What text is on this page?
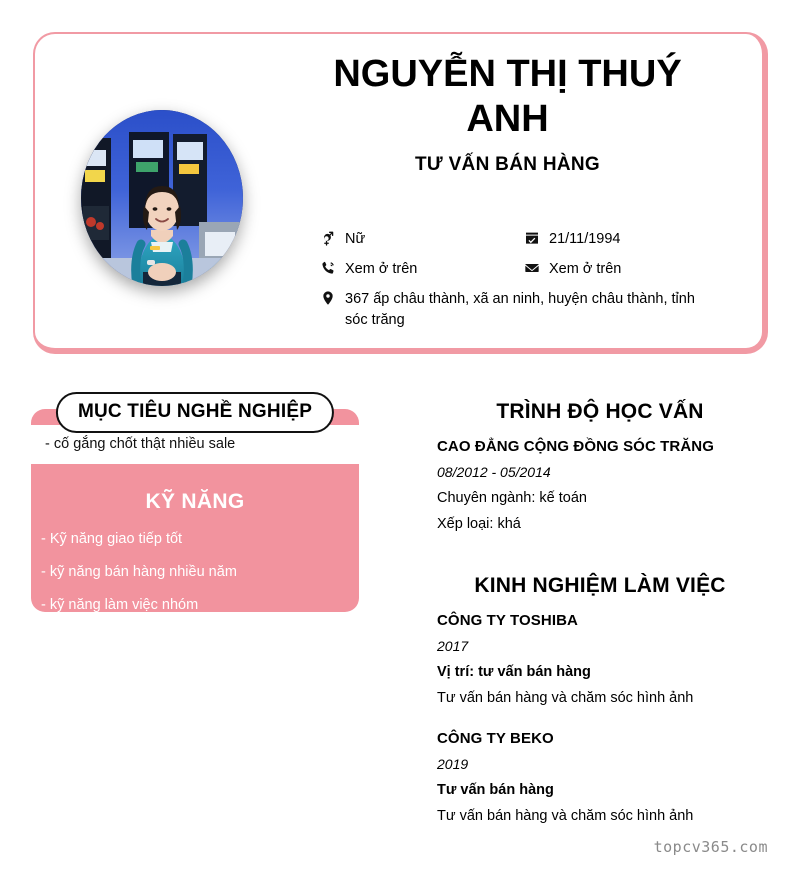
NGUYỄN THỊ THUÝ ANH

TƯ VẤN BÁN HÀNG

Nữ	21/11/1994
Xem ở trên	Xem ở trên
367 ấp châu thành, xã an ninh, huyện châu thành, tỉnh sóc trăng
- cố gắng chốt thật nhiều sale
KỸ NĂNG
- Kỹ năng giao tiếp tốt
- kỹ năng bán hàng nhiều năm
- kỹ năng làm việc nhóm
MỤC TIÊU NGHỀ NGHIỆP	TRÌNH ĐỘ HỌC VẤN
CAO ĐẲNG CỘNG ĐỒNG SÓC TRĂNG
08/2012 - 05/2014
Chuyên ngành: kế toán
Xếp loại: khá
KINH NGHIỆM LÀM VIỆC
CÔNG TY TOSHIBA
2017
Vị trí: tư vấn bán hàng
Tư vấn bán hàng và chăm sóc hình ảnh
CÔNG TY BEKO
2019
Tư vấn bán hàng
Tư vấn bán hàng và chăm sóc hình ảnh
topcv365.com
